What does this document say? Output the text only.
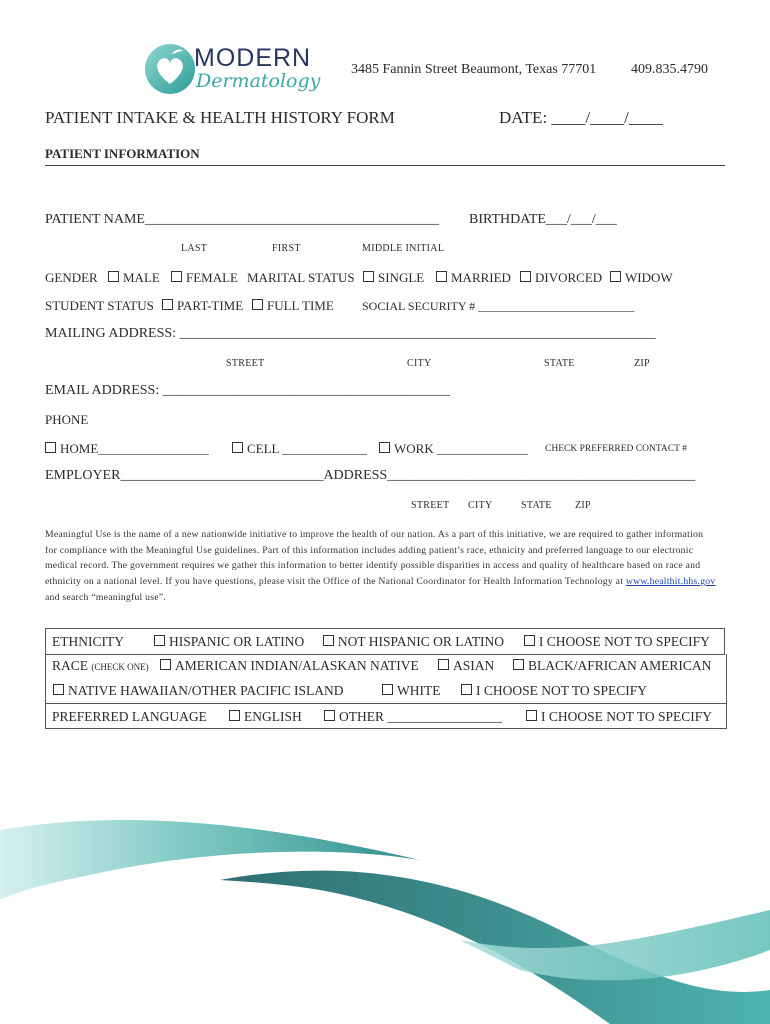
MODERN
Dermatology
3485 Fannin Street Beaumont, Texas 77701 409.835.4790
PATIENT INTAKE & HEALTH HISTORY FORM	DATE: ____/____/____
PATIENT INFORMATION
PATIENT NAME__________________________________________ BIRTHDATE___/___/___
LAST	FIRST	MIDDLE INITIAL
GENDER	MALE	FEMALE MARITAL STATUS	SINGLE	MARRIED	DIVORCED	WIDOW
STUDENT STATUS	PART-TIME	FULL TIME SOCIAL SECURITY # __________________________
MAILING ADDRESS: ____________________________________________________________________
STREET	CITY	STATE	ZIP
EMAIL ADDRESS: _________________________________________
PHONE
HOME_________________	CELL _____________	WORK ______________ CHECK PREFERRED CONTACT #
EMPLOYER_____________________________ADDRESS____________________________________________
STREET CITY	STATE ZIP
Meaningful Use is the name of a new nationwide initiative to improve the health of our nation. As a part of this initiative, we are required to gather information for compliance with the Meaningful Use guidelines. Part of this information includes adding patient’s race, ethnicity and preferred language to our electronic medical record. The government requires we gather this information to better identify possible disparities in access and quality of healthcare based on race and ethnicity on a national level. If you have questions, please visit the Office of the National Coordinator for Health Information Technology at www.healthit.hhs.gov and search “meaningful use”.
ETHNICITY	HISPANIC OR LATINO	NOT HISPANIC OR LATINO	I CHOOSE NOT TO SPECIFY
RACE (CHECK ONE)	AMERICAN INDIAN/ALASKAN NATIVE	ASIAN	BLACK/AFRICAN AMERICAN
NATIVE HAWAIIAN/OTHER PACIFIC ISLAND	WHITE	I CHOOSE NOT TO SPECIFY
PREFERRED LANGUAGE	ENGLISH	OTHER _________________	I CHOOSE NOT TO SPECIFY
